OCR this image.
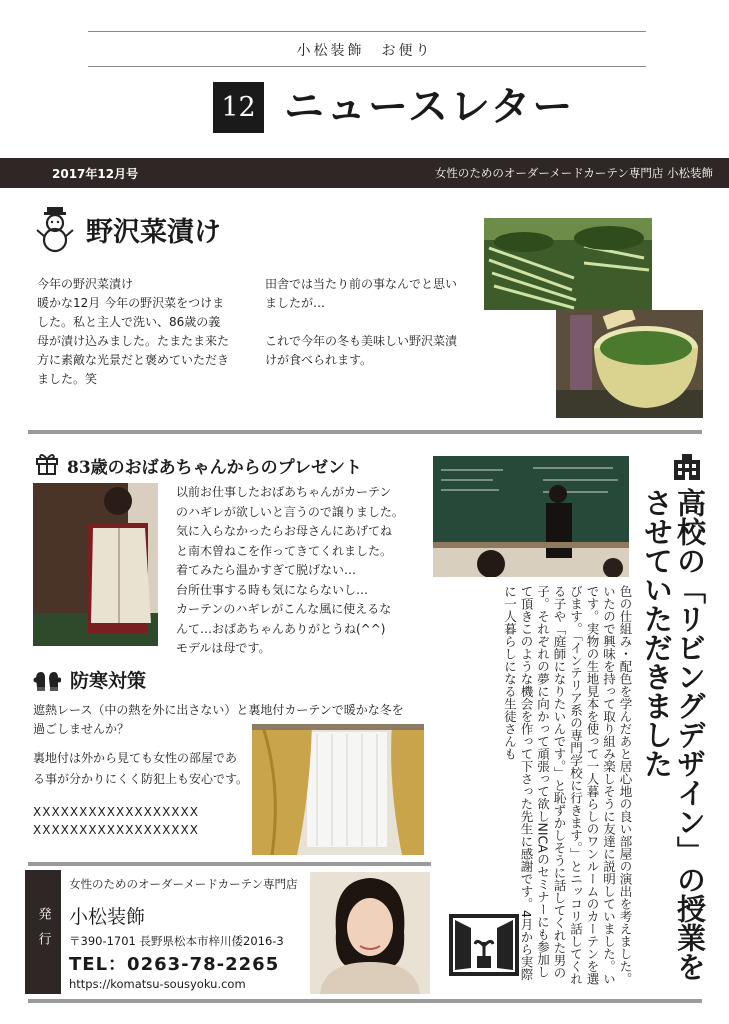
小松装飾　お便り
12 ニュースレター
2017年12月号	女性のためのオーダーメードカーテン専門店 小松装飾
野沢菜漬け
今年の野沢菜漬け
暖かな12月 今年の野沢菜をつけま
した。私と主人で洗い、86歳の義
母が漬け込みました。たまたま来た
方に素敵な光景だと褒めていただき
ました。笑
田舎では当たり前の事なんでと思い
ましたが…

これで今年の冬も美味しい野沢菜漬
けが食べられます。
83歳のおばあちゃんからのプレゼント
以前お仕事したおばあちゃんがカーテン
のハギレが欲しいと言うので譲りました。
気に入らなかったらお母さんにあげてね
と南木曽ねこを作ってきてくれました。
着てみたら温かすぎて脱げない…
台所仕事する時も気にならないし…
カーテンのハギレがこんな風に使えるな
んて…おばあちゃんありがとうね(^^)
モデルは母です。	高校の「リビングデザイン」の授業をさせていただきました
色の仕組み・配色を学んだあと居心地の良い部屋の演出を考えました。いたので興味を持って取り組み楽しそうに友達に説明していました。いです。実物の生地見本を使って一人暮らしのワンルームのカーテンを選びます。「インテリア系の専門学校に行きます。」とニッコリ話してくれる子や「庭師になりたいんです。」と恥ずかしそうに話してくれた男の子。それぞれの夢に向かって頑張って欲しNICAのセミナーにも参加して頂きこのような機会を作って下さった先生に感謝です。4月から実際に一人暮らしになる生徒さんも
防寒対策
遮熱レース（中の熱を外に出さない）と裏地付カーテンで暖かな冬を
過ごしませんか？
裏地付は外から見ても女性の部屋であ
る事が分かりにくく防犯上も安心です。
XXXXXXXXXXXXXXXXXX
XXXXXXXXXXXXXXXXXX
発行
女性のためのオーダーメードカーテン専門店
小松装飾
〒390-1701 長野県松本市梓川倭2016-3
TEL：0263-78-2265
https://komatsu-sousyoku.com
